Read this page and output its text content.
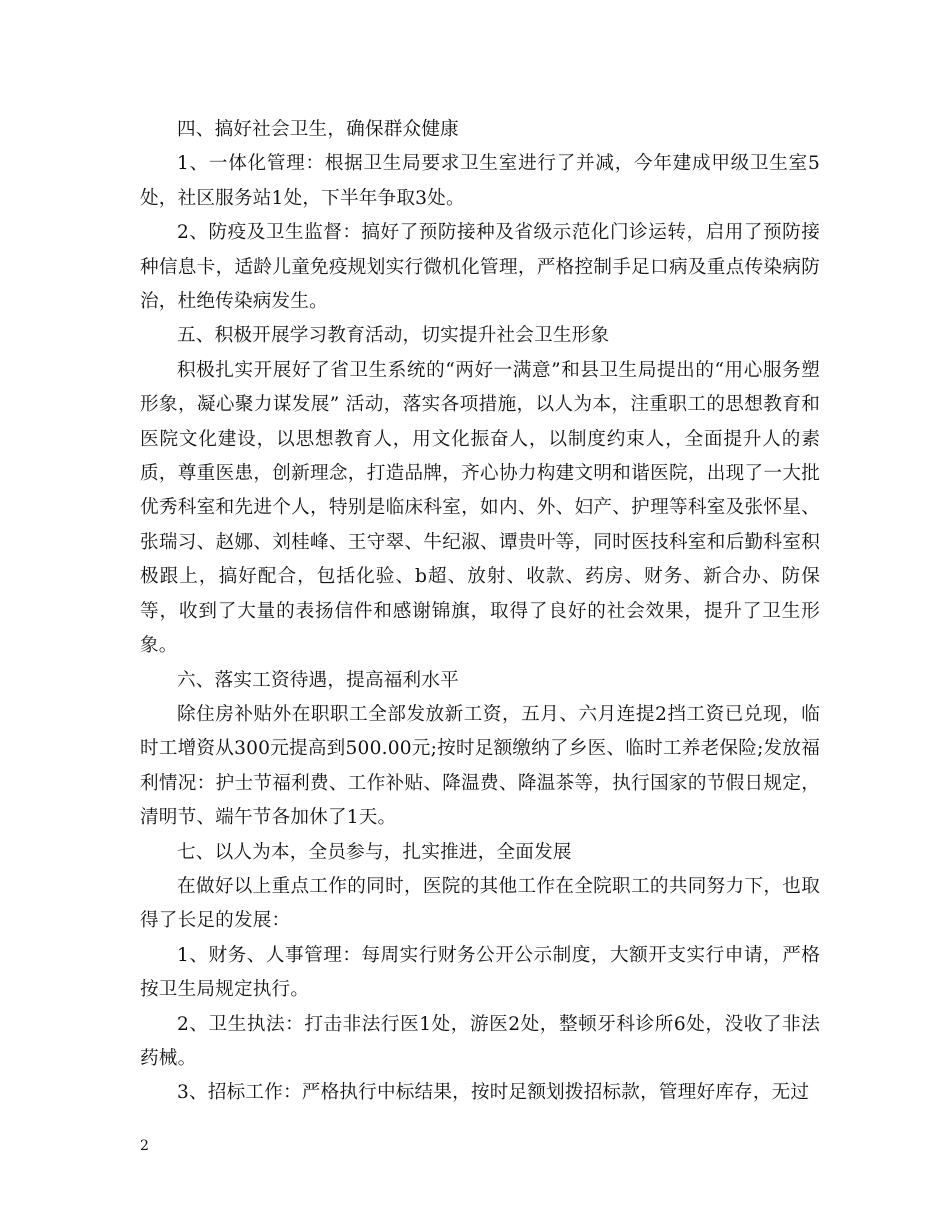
四、搞好社会卫生，确保群众健康

1、一体化管理：根据卫生局要求卫生室进行了并减，今年建成甲级卫生室5处，社区服务站1处，下半年争取3处。

2、防疫及卫生监督：搞好了预防接种及省级示范化门诊运转，启用了预防接种信息卡，适龄儿童免疫规划实行微机化管理，严格控制手足口病及重点传染病防治，杜绝传染病发生。

五、积极开展学习教育活动，切实提升社会卫生形象

积极扎实开展好了省卫生系统的“两好一满意”和县卫生局提出的“用心服务塑形象，凝心聚力谋发展” 活动，落实各项措施，以人为本，注重职工的思想教育和医院文化建设，以思想教育人，用文化振奋人，以制度约束人，全面提升人的素质，尊重医患，创新理念，打造品牌，齐心协力构建文明和谐医院，出现了一大批优秀科室和先进个人，特别是临床科室，如内、外、妇产、护理等科室及张怀星、张瑞习、赵娜、刘桂峰、王守翠、牛纪淑、谭贵叶等，同时医技科室和后勤科室积极跟上，搞好配合，包括化验、b超、放射、收款、药房、财务、新合办、防保等，收到了大量的表扬信件和感谢锦旗，取得了良好的社会效果，提升了卫生形象。

六、落实工资待遇，提高福利水平

除住房补贴外在职职工全部发放新工资，五月、六月连提2挡工资已兑现，临时工增资从300元提高到500.00元;按时足额缴纳了乡医、临时工养老保险;发放福利情况：护士节福利费、工作补贴、降温费、降温茶等，执行国家的节假日规定，清明节、端午节各加休了1天。

七、以人为本，全员参与，扎实推进，全面发展

在做好以上重点工作的同时，医院的其他工作在全院职工的共同努力下，也取得了长足的发展：

1、财务、人事管理：每周实行财务公开公示制度，大额开支实行申请，严格按卫生局规定执行。

2、卫生执法：打击非法行医1处，游医2处，整顿牙科诊所6处，没收了非法药械。

3、招标工作：严格执行中标结果，按时足额划拨招标款，管理好库存，无过

2
